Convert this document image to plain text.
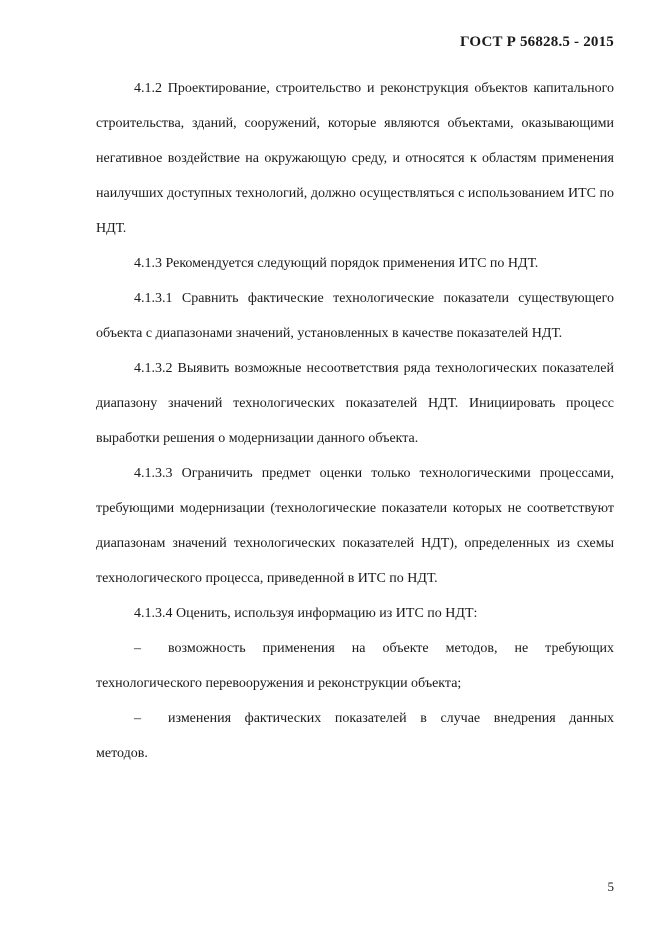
ГОСТ Р 56828.5 - 2015

4.1.2 Проектирование, строительство и реконструкция объектов капитального строительства, зданий, сооружений, которые являются объектами, оказывающими негативное воздействие на окружающую среду, и относятся к областям применения наилучших доступных технологий, должно осуществляться с использованием ИТС по НДТ.

4.1.3 Рекомендуется следующий порядок применения ИТС по НДТ.

4.1.3.1 Сравнить фактические технологические показатели существующего объекта с диапазонами значений, установленных в качестве показателей НДТ.

4.1.3.2 Выявить возможные несоответствия ряда технологических показателей диапазону значений технологических показателей НДТ. Инициировать процесс выработки решения о модернизации данного объекта.

4.1.3.3 Ограничить предмет оценки только технологическими процессами, требующими модернизации (технологические показатели которых не соответствуют диапазонам значений технологических показателей НДТ), определенных из схемы технологического процесса, приведенной в ИТС по НДТ.

4.1.3.4 Оценить, используя информацию из ИТС по НДТ:

–	возможность применения на объекте методов, не требующих

технологического перевооружения и реконструкции объекта;

–	изменения фактических показателей в случае внедрения данных

методов.

5
